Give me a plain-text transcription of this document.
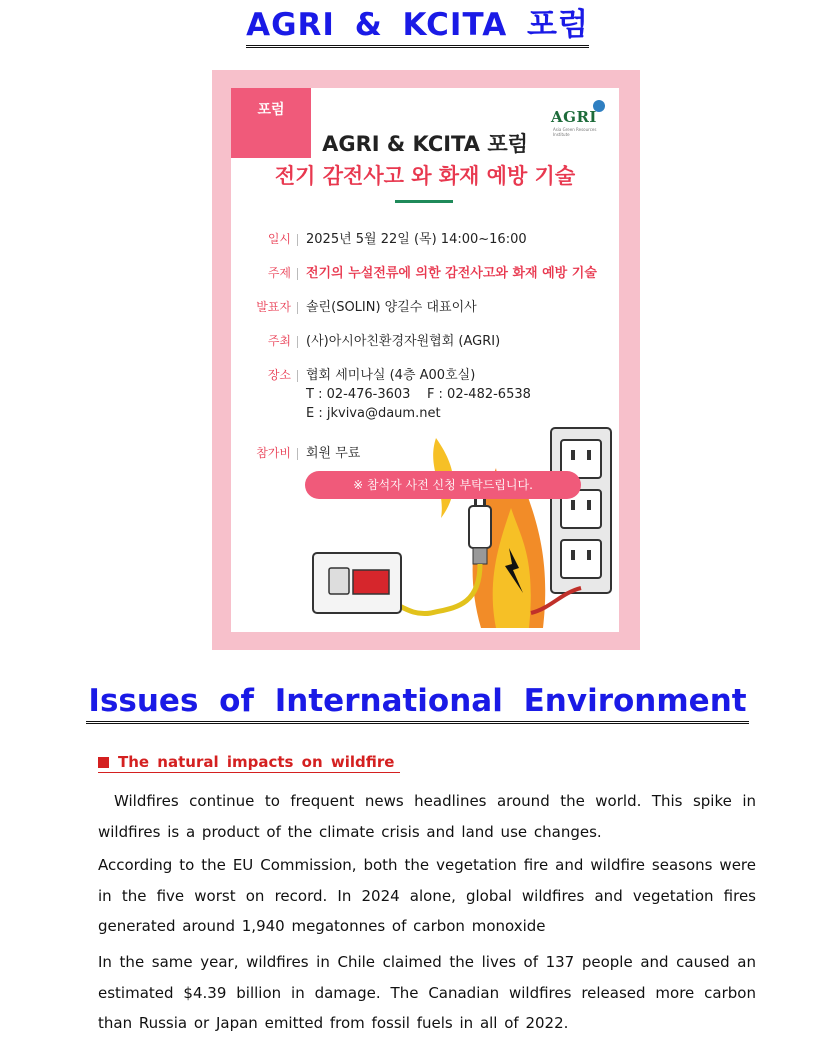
AGRI & KCITA 포럼
포럼	AGRI
Asia Green Resources Institute
AGRI & KCITA 포럼
전기 감전사고 와 화재 예방 기술
일시 2025년 5월 22일 (목) 14:00~16:00
주제 전기의 누설전류에 의한 감전사고와 화재 예방 기술
발표자 솔린(SOLIN) 양길수 대표이사
주최 (사)아시아친환경자원협회 (AGRI)
장소 협회 세미나실 (4층 A00호실)
T : 02-476-3603 F : 02-482-6538
E : jkviva@daum.net
참가비 회원 무료
※ 참석자 사전 신청 부탁드립니다.
Issues of International Environment
The natural impacts on wildfire
Wildfires continue to frequent news headlines around the world. This spike in wildfires is a product of the climate crisis and land use changes.
According to the EU Commission, both the vegetation fire and wildfire seasons were in the five worst on record. In 2024 alone, global wildfires and vegetation fires generated around 1,940 megatonnes of carbon monoxide
In the same year, wildfires in Chile claimed the lives of 137 people and caused an estimated $4.39 billion in damage. The Canadian wildfires released more carbon than Russia or Japan emitted from fossil fuels in all of 2022.
